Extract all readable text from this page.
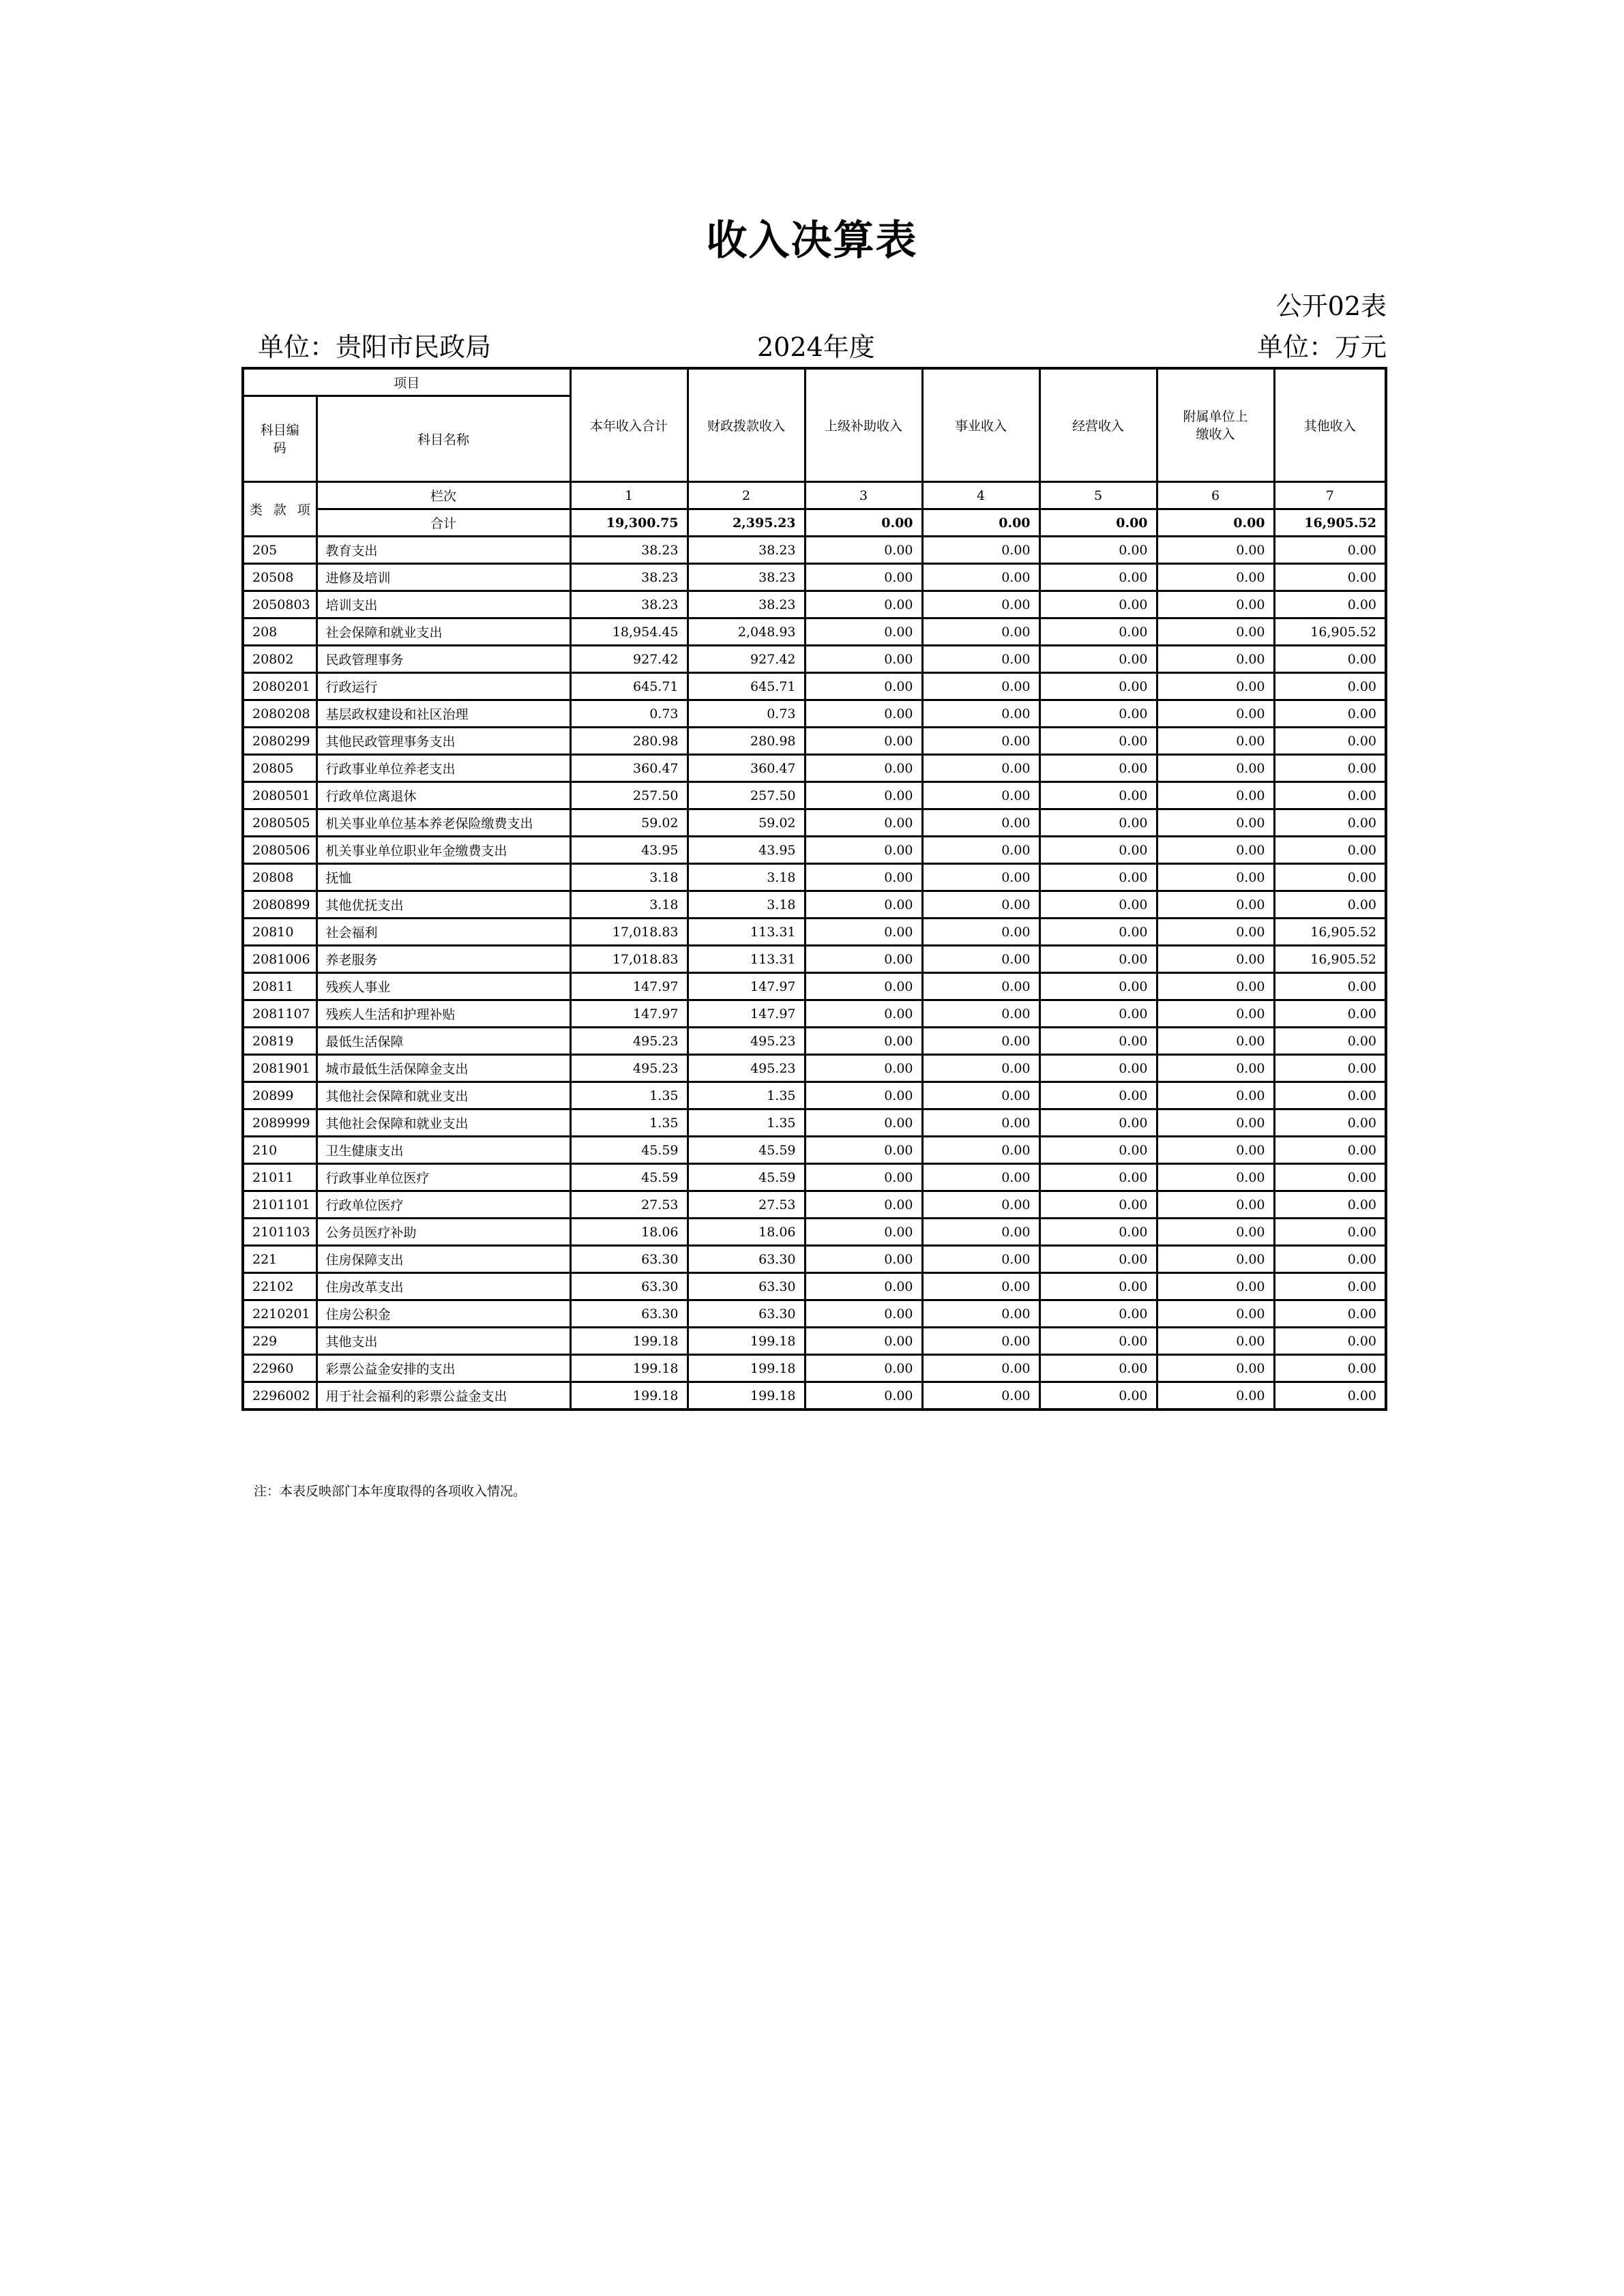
收入决算表
公开02表
单位：贵阳市民政局	2024年度	单位：万元
项目		本年收入合计	财政拨款收入	上级补助收入	事业收入	经营收入	附属单位上缴收入	其他收入
科目编码	科目名称							

类 款 项	栏次	1	2	3	4	5	6	7
	合计	19,300.75	2,395.23	0.00	0.00	0.00	0.00	16,905.52
205	教育支出	38.23	38.23	0.00	0.00	0.00	0.00	0.00
20508	进修及培训	38.23	38.23	0.00	0.00	0.00	0.00	0.00
2050803	培训支出	38.23	38.23	0.00	0.00	0.00	0.00	0.00
208	社会保障和就业支出	18,954.45	2,048.93	0.00	0.00	0.00	0.00	16,905.52
20802	民政管理事务	927.42	927.42	0.00	0.00	0.00	0.00	0.00
2080201	行政运行	645.71	645.71	0.00	0.00	0.00	0.00	0.00
2080208	基层政权建设和社区治理	0.73	0.73	0.00	0.00	0.00	0.00	0.00
2080299	其他民政管理事务支出	280.98	280.98	0.00	0.00	0.00	0.00	0.00
20805	行政事业单位养老支出	360.47	360.47	0.00	0.00	0.00	0.00	0.00
2080501	行政单位离退休	257.50	257.50	0.00	0.00	0.00	0.00	0.00
2080505	机关事业单位基本养老保险缴费支出	59.02	59.02	0.00	0.00	0.00	0.00	0.00
2080506	机关事业单位职业年金缴费支出	43.95	43.95	0.00	0.00	0.00	0.00	0.00
20808	抚恤	3.18	3.18	0.00	0.00	0.00	0.00	0.00
2080899	其他优抚支出	3.18	3.18	0.00	0.00	0.00	0.00	0.00
20810	社会福利	17,018.83	113.31	0.00	0.00	0.00	0.00	16,905.52
2081006	养老服务	17,018.83	113.31	0.00	0.00	0.00	0.00	16,905.52
20811	残疾人事业	147.97	147.97	0.00	0.00	0.00	0.00	0.00
2081107	残疾人生活和护理补贴	147.97	147.97	0.00	0.00	0.00	0.00	0.00
20819	最低生活保障	495.23	495.23	0.00	0.00	0.00	0.00	0.00
2081901	城市最低生活保障金支出	495.23	495.23	0.00	0.00	0.00	0.00	0.00
20899	其他社会保障和就业支出	1.35	1.35	0.00	0.00	0.00	0.00	0.00
2089999	其他社会保障和就业支出	1.35	1.35	0.00	0.00	0.00	0.00	0.00
210	卫生健康支出	45.59	45.59	0.00	0.00	0.00	0.00	0.00
21011	行政事业单位医疗	45.59	45.59	0.00	0.00	0.00	0.00	0.00
2101101	行政单位医疗	27.53	27.53	0.00	0.00	0.00	0.00	0.00
2101103	公务员医疗补助	18.06	18.06	0.00	0.00	0.00	0.00	0.00
221	住房保障支出	63.30	63.30	0.00	0.00	0.00	0.00	0.00
22102	住房改革支出	63.30	63.30	0.00	0.00	0.00	0.00	0.00
2210201	住房公积金	63.30	63.30	0.00	0.00	0.00	0.00	0.00
229	其他支出	199.18	199.18	0.00	0.00	0.00	0.00	0.00
22960	彩票公益金安排的支出	199.18	199.18	0.00	0.00	0.00	0.00	0.00
2296002	用于社会福利的彩票公益金支出	199.18	199.18	0.00	0.00	0.00	0.00	0.00
注：本表反映部门本年度取得的各项收入情况。
